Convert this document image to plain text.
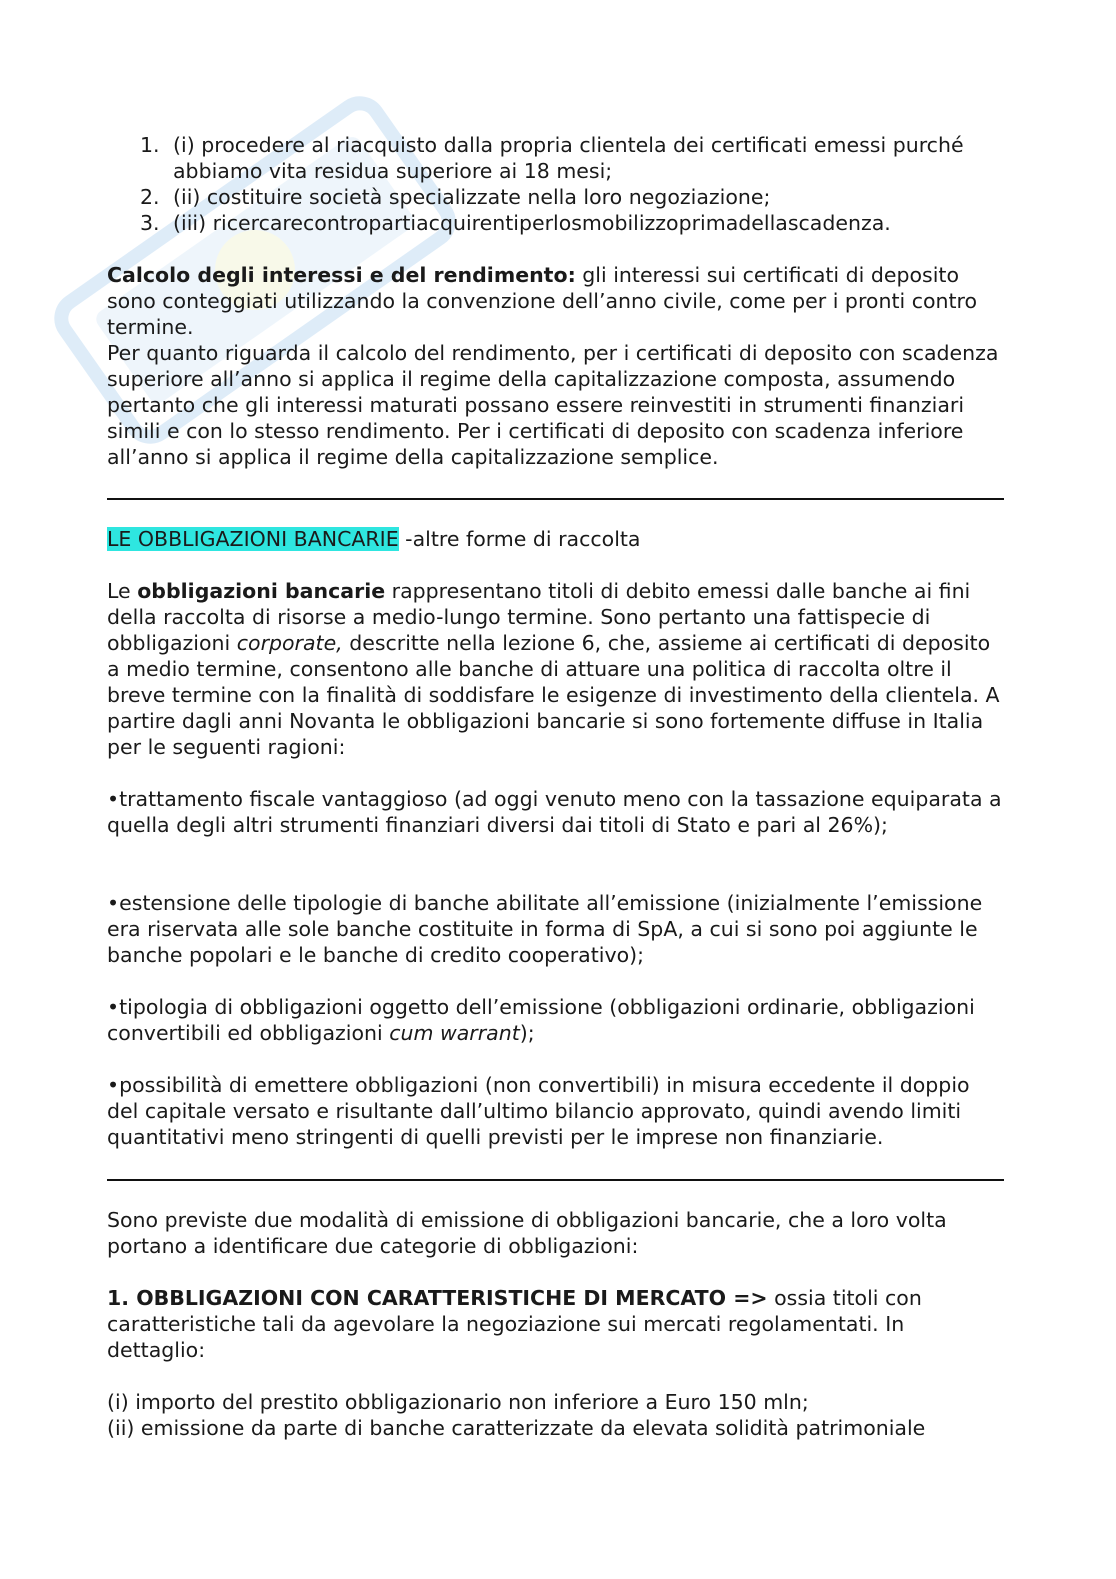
1. (i) procedere al riacquisto dalla propria clientela dei certificati emessi purché abbiamo vita residua superiore ai 18 mesi;
2. (ii) costituire società specializzate nella loro negoziazione;
3. (iii) ricercarecontropartiacquirentiperlosmobilizzoprimadellascadenza.

Calcolo degli interessi e del rendimento: gli interessi sui certificati di deposito sono conteggiati utilizzando la convenzione dell’anno civile, come per i pronti contro termine.

Per quanto riguarda il calcolo del rendimento, per i certificati di deposito con scadenza superiore all’anno si applica il regime della capitalizzazione composta, assumendo pertanto che gli interessi maturati possano essere reinvestiti in strumenti finanziari simili e con lo stesso rendimento. Per i certificati di deposito con scadenza inferiore all’anno si applica il regime della capitalizzazione semplice.

LE OBBLIGAZIONI BANCARIE -altre forme di raccolta

Le obbligazioni bancarie rappresentano titoli di debito emessi dalle banche ai fini della raccolta di risorse a medio-lungo termine. Sono pertanto una fattispecie di obbligazioni corporate, descritte nella lezione 6, che, assieme ai certificati di deposito a medio termine, consentono alle banche di attuare una politica di raccolta oltre il breve termine con la finalità di soddisfare le esigenze di investimento della clientela. A partire dagli anni Novanta le obbligazioni bancarie si sono fortemente diffuse in Italia per le seguenti ragioni:

•trattamento fiscale vantaggioso (ad oggi venuto meno con la tassazione equiparata a quella degli altri strumenti finanziari diversi dai titoli di Stato e pari al 26%);

•estensione delle tipologie di banche abilitate all’emissione (inizialmente l’emissione era riservata alle sole banche costituite in forma di SpA, a cui si sono poi aggiunte le banche popolari e le banche di credito cooperativo);

•tipologia di obbligazioni oggetto dell’emissione (obbligazioni ordinarie, obbligazioni convertibili ed obbligazioni cum warrant);

•possibilità di emettere obbligazioni (non convertibili) in misura eccedente il doppio del capitale versato e risultante dall’ultimo bilancio approvato, quindi avendo limiti quantitativi meno stringenti di quelli previsti per le imprese non finanziarie.

Sono previste due modalità di emissione di obbligazioni bancarie, che a loro volta portano a identificare due categorie di obbligazioni:

1. OBBLIGAZIONI CON CARATTERISTICHE DI MERCATO => ossia titoli con caratteristiche tali da agevolare la negoziazione sui mercati regolamentati. In dettaglio:

(i) importo del prestito obbligazionario non inferiore a Euro 150 mln;

(ii) emissione da parte di banche caratterizzate da elevata solidità patrimoniale
